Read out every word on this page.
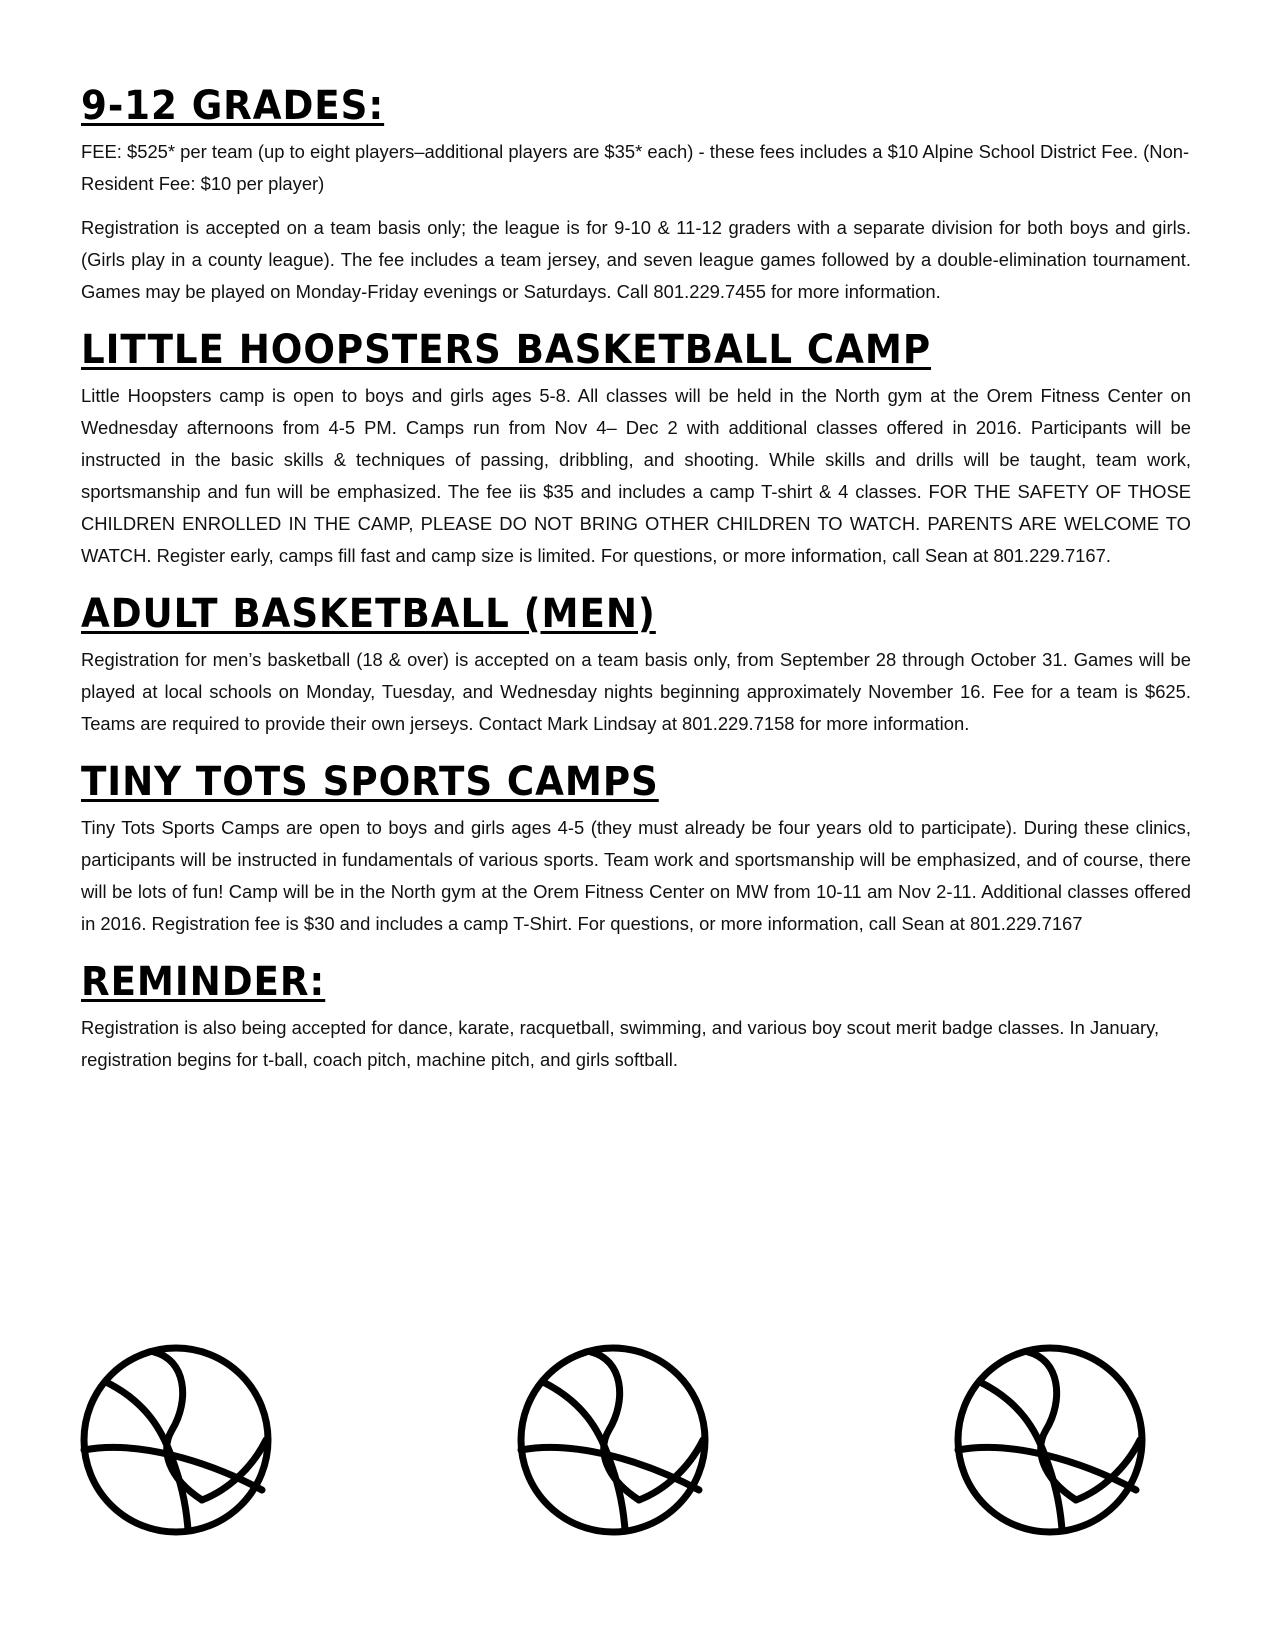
9-12 GRADES:

FEE: $525* per team (up to eight players–additional players are $35* each) - these fees includes a $10 Alpine School District Fee. (Non-Resident Fee: $10 per player)

Registration is accepted on a team basis only; the league is for 9-10 & 11-12 graders with a separate division for both boys and girls. (Girls play in a county league). The fee includes a team jersey, and seven league games followed by a double-elimination tournament. Games may be played on Monday-Friday evenings or Saturdays. Call 801.229.7455 for more information.

LITTLE HOOPSTERS BASKETBALL CAMP

Little Hoopsters camp is open to boys and girls ages 5-8. All classes will be held in the North gym at the Orem Fitness Center on Wednesday afternoons from 4-5 PM. Camps run from Nov 4– Dec 2 with additional classes offered in 2016. Participants will be instructed in the basic skills & techniques of passing, dribbling, and shooting. While skills and drills will be taught, team work, sportsmanship and fun will be emphasized. The fee iis $35 and includes a camp T-shirt & 4 classes. FOR THE SAFETY OF THOSE CHILDREN ENROLLED IN THE CAMP, PLEASE DO NOT BRING OTHER CHILDREN TO WATCH. PARENTS ARE WELCOME TO WATCH. Register early, camps fill fast and camp size is limited. For questions, or more information, call Sean at 801.229.7167.

ADULT BASKETBALL (MEN)

Registration for men’s basketball (18 & over) is accepted on a team basis only, from September 28 through October 31. Games will be played at local schools on Monday, Tuesday, and Wednesday nights beginning approximately November 16. Fee for a team is $625. Teams are required to provide their own jerseys. Contact Mark Lindsay at 801.229.7158 for more information.

TINY TOTS SPORTS CAMPS

Tiny Tots Sports Camps are open to boys and girls ages 4-5 (they must already be four years old to participate). During these clinics, participants will be instructed in fundamentals of various sports. Team work and sportsmanship will be emphasized, and of course, there will be lots of fun! Camp will be in the North gym at the Orem Fitness Center on MW from 10-11 am Nov 2-11. Additional classes offered in 2016. Registration fee is $30 and includes a camp T-Shirt. For questions, or more information, call Sean at 801.229.7167

REMINDER:

Registration is also being accepted for dance, karate, racquetball, swimming, and various boy scout merit badge classes. In January, registration begins for t-ball, coach pitch, machine pitch, and girls softball.
